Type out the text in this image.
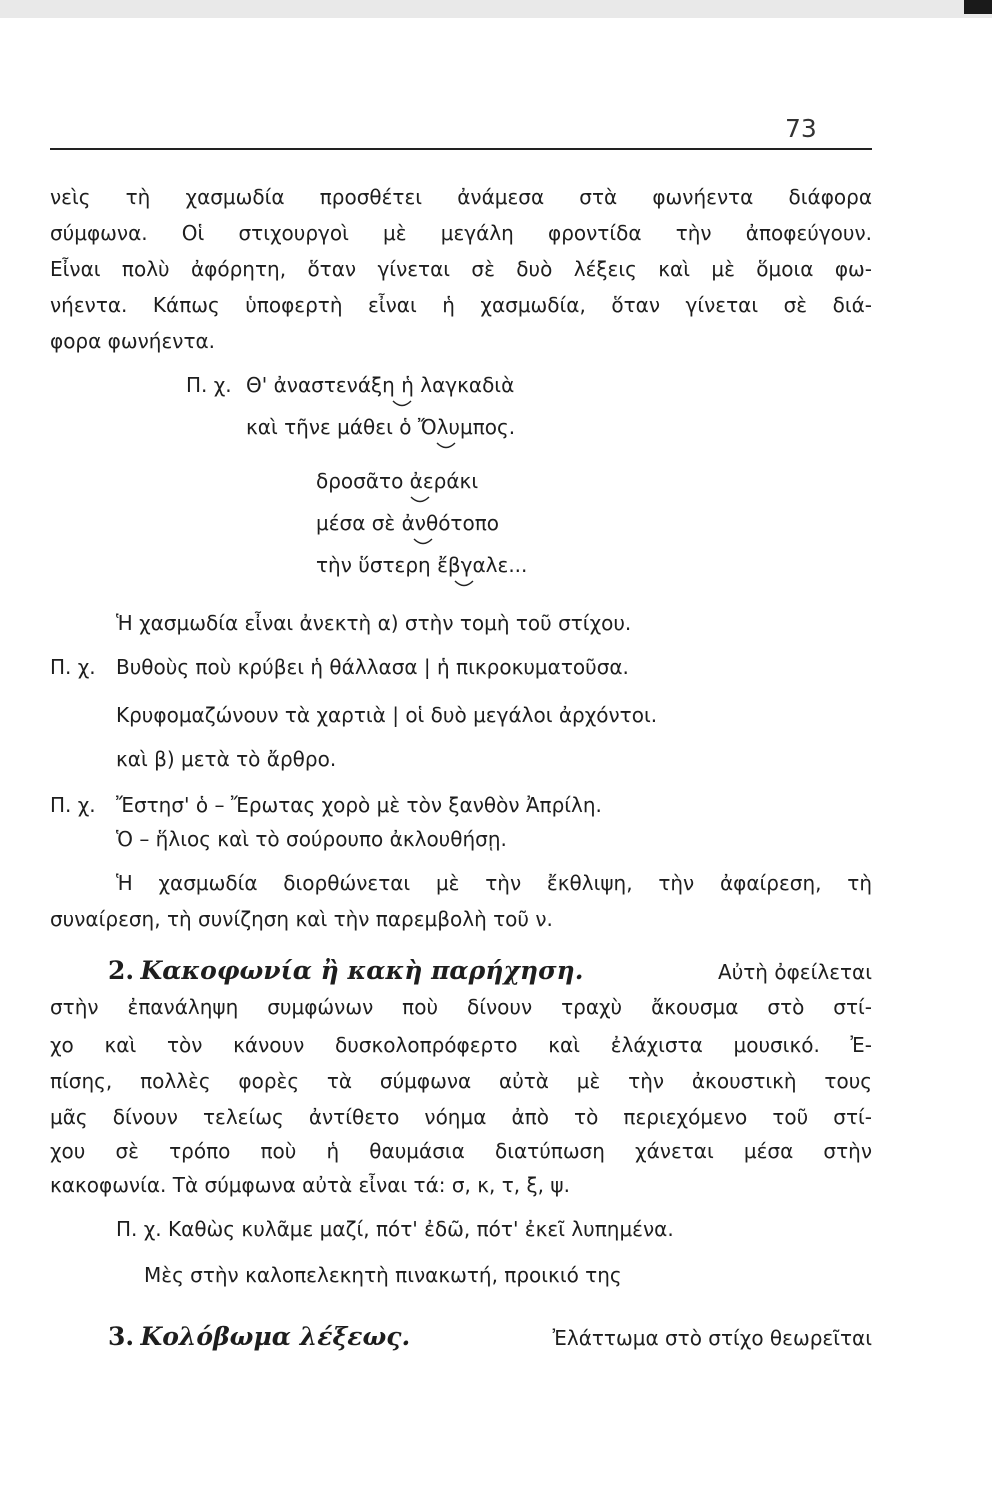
73
νεὶς τὴ χασμωδία προσθέτει ἀνάμεσα στὰ φωνήεντα διάφορα
σύμφωνα. Οἱ στιχουργοὶ μὲ μεγάλη φροντίδα τὴν ἀποφεύγουν.
Εἶναι πολὺ ἀφόρητη, ὅταν γίνεται σὲ δυὸ λέξεις καὶ μὲ ὅμοια φω-
νήεντα. Κάπως ὑποφερτὴ εἶναι ἡ χασμωδία, ὅταν γίνεται σὲ διά-
φορα φωνήεντα.
Π. χ. Θ' ἀναστενάξη ἡ λαγκαδιὰ
καὶ τῆνε μάθει ὁ Ὄλυμπος.
δροσᾶτο ἀεράκι
μέσα σὲ ἀνθότοπο
τὴν ὕστερη ἔβγαλε...
Ἡ χασμωδία εἶναι ἀνεκτὴ α) στὴν τομὴ τοῦ στίχου.
Π. χ. Βυθοὺς ποὺ κρύβει ἡ θάλλασα | ἡ πικροκυματοῦσα.
Κρυφομαζώνουν τὰ χαρτιὰ | οἱ δυὸ μεγάλοι ἀρχόντοι.
καὶ β) μετὰ τὸ ἄρθρο.
Π. χ. Ἔστησ' ὁ – Ἔρωτας χορὸ μὲ τὸν ξανθὸν Ἀπρίλη.
Ὁ – ἥλιος καὶ τὸ σούρουπο ἀκλουθήσῃ.
Ἡ χασμωδία διορθώνεται μὲ τὴν ἔκθλιψη, τὴν ἀφαίρεση, τὴ
συναίρεση, τὴ συνίζηση καὶ τὴν παρεμβολὴ τοῦ ν.
2. Κακοφωνία ἢ κακὴ παρήχηση.	Αὐτὴ ὀφείλεται
στὴν ἐπανάληψη συμφώνων ποὺ δίνουν τραχὺ ἄκουσμα στὸ στί-
χο καὶ τὸν κάνουν δυσκολοπρόφερτο καὶ ἐλάχιστα μουσικό. Ἐ-
πίσης, πολλὲς φορὲς τὰ σύμφωνα αὐτὰ μὲ τὴν ἀκουστικὴ τους
μᾶς δίνουν τελείως ἀντίθετο νόημα ἀπὸ τὸ περιεχόμενο τοῦ στί-
χου σὲ τρόπο ποὺ ἡ θαυμάσια διατύπωση χάνεται μέσα στὴν
κακοφωνία. Τὰ σύμφωνα αὐτὰ εἶναι τά: σ, κ, τ, ξ, ψ.
Π. χ. Καθὼς κυλᾶμε μαζί, πότ' ἐδῶ, πότ' ἐκεῖ λυπημένα.
Μὲς στὴν καλοπελεκητὴ πινακωτή, προικιό της
3. Κολόβωμα λέξεως.	Ἐλάττωμα στὸ στίχο θεωρεῖται
